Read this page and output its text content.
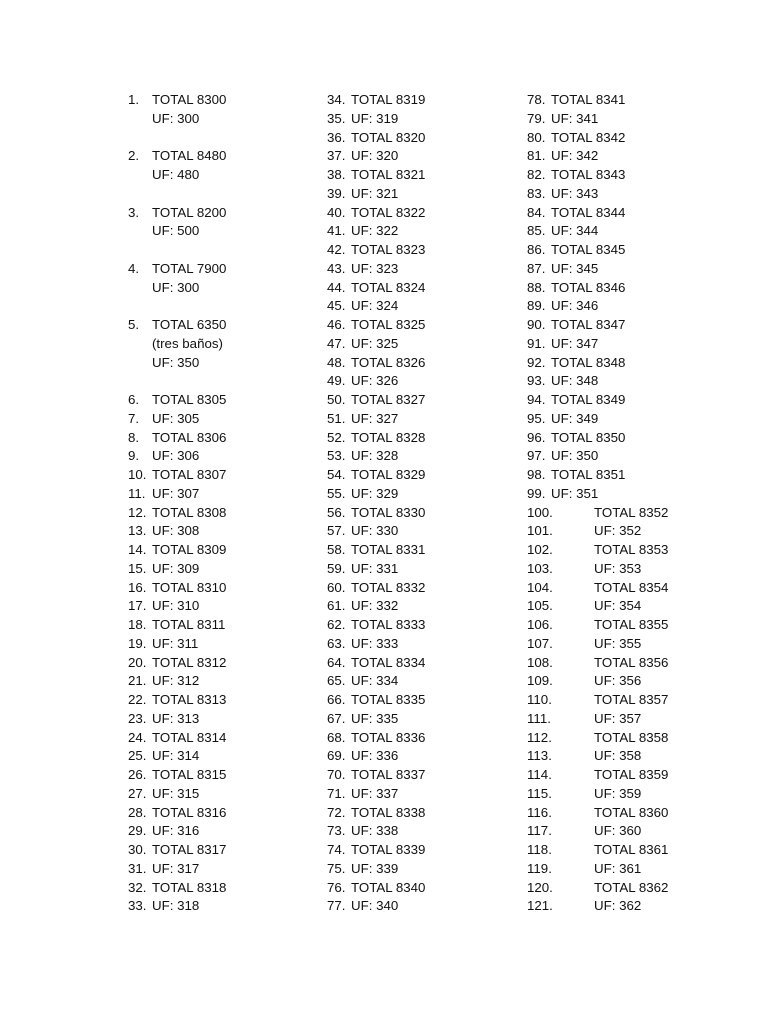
1. TOTAL 8300
UF: 300
2. TOTAL 8480
UF: 480
3. TOTAL 8200
UF: 500
4. TOTAL 7900
UF: 300
5. TOTAL 6350
(tres baños)
UF: 350
6. TOTAL 8305
7. UF: 305
8. TOTAL 8306
9. UF: 306
10. TOTAL 8307
11. UF: 307
12. TOTAL 8308
13. UF: 308
14. TOTAL 8309
15. UF: 309
16. TOTAL 8310
17. UF: 310
18. TOTAL 8311
19. UF: 311
20. TOTAL 8312
21. UF: 312
22. TOTAL 8313
23. UF: 313
24. TOTAL 8314
25. UF: 314
26. TOTAL 8315
27. UF: 315
28. TOTAL 8316
29. UF: 316
30. TOTAL 8317
31. UF: 317
32. TOTAL 8318
33. UF: 318
34. TOTAL 8319
35. UF: 319
36. TOTAL 8320
37. UF: 320
38. TOTAL 8321
39. UF: 321
40. TOTAL 8322
41. UF: 322
42. TOTAL 8323
43. UF: 323
44. TOTAL 8324
45. UF: 324
46. TOTAL 8325
47. UF: 325
48. TOTAL 8326
49. UF: 326
50. TOTAL 8327
51. UF: 327
52. TOTAL 8328
53. UF: 328
54. TOTAL 8329
55. UF: 329
56. TOTAL 8330
57. UF: 330
58. TOTAL 8331
59. UF: 331
60. TOTAL 8332
61. UF: 332
62. TOTAL 8333
63. UF: 333
64. TOTAL 8334
65. UF: 334
66. TOTAL 8335
67. UF: 335
68. TOTAL 8336
69. UF: 336
70. TOTAL 8337
71. UF: 337
72. TOTAL 8338
73. UF: 338
74. TOTAL 8339
75. UF: 339
76. TOTAL 8340
77. UF: 340
78. TOTAL 8341
79. UF: 341
80. TOTAL 8342
81. UF: 342
82. TOTAL 8343
83. UF: 343
84. TOTAL 8344
85. UF: 344
86. TOTAL 8345
87. UF: 345
88. TOTAL 8346
89. UF: 346
90. TOTAL 8347
91. UF: 347
92. TOTAL 8348
93. UF: 348
94. TOTAL 8349
95. UF: 349
96. TOTAL 8350
97. UF: 350
98. TOTAL 8351
99. UF: 351
100.	TOTAL 8352
101.	UF: 352
102.	TOTAL 8353
103.	UF: 353
104.	TOTAL 8354
105.	UF: 354
106.	TOTAL 8355
107.	UF: 355
108.	TOTAL 8356
109.	UF: 356
110.	TOTAL 8357
111.	UF: 357
112.	TOTAL 8358
113.	UF: 358
114.	TOTAL 8359
115.	UF: 359
116.	TOTAL 8360
117.	UF: 360
118.	TOTAL 8361
119.	UF: 361
120.	TOTAL 8362
121.	UF: 362
